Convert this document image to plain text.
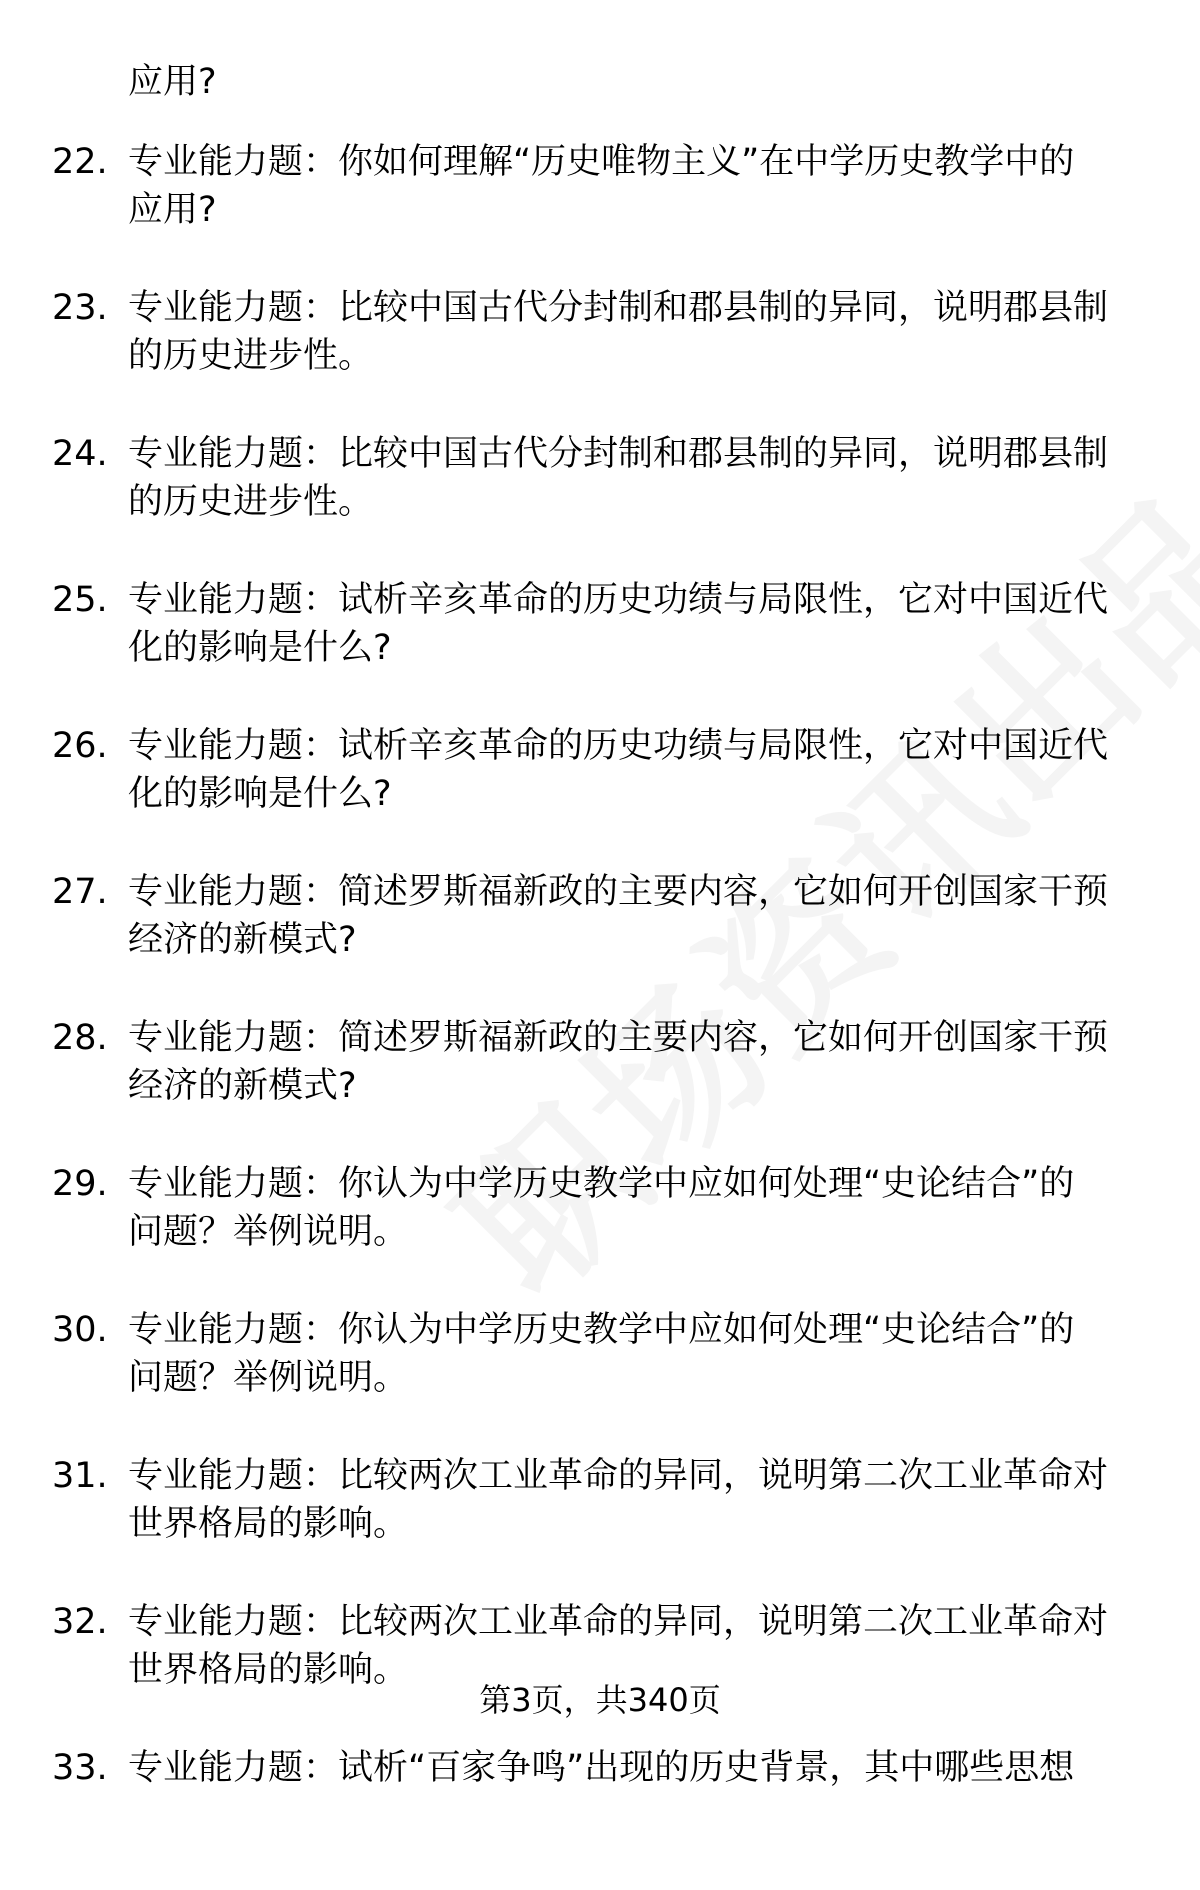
应用?
22. 专业能力题：你如何理解“历史唯物主义”在中学历史教学中的
应用?
23. 专业能力题：比较中国古代分封制和郡县制的异同，说明郡县制
的历史进步性。
24. 专业能力题：比较中国古代分封制和郡县制的异同，说明郡县制
的历史进步性。
25. 专业能力题：试析辛亥革命的历史功绩与局限性，它对中国近代
化的影响是什么?
26. 专业能力题：试析辛亥革命的历史功绩与局限性，它对中国近代
化的影响是什么?
27. 专业能力题：简述罗斯福新政的主要内容，它如何开创国家干预
经济的新模式?
28. 专业能力题：简述罗斯福新政的主要内容，它如何开创国家干预
经济的新模式?
29. 专业能力题：你认为中学历史教学中应如何处理“史论结合”的
问题？举例说明。
30. 专业能力题：你认为中学历史教学中应如何处理“史论结合”的
问题？举例说明。
31. 专业能力题：比较两次工业革命的异同，说明第二次工业革命对
世界格局的影响。
32. 专业能力题：比较两次工业革命的异同，说明第二次工业革命对
世界格局的影响。
33. 专业能力题：试析“百家争鸣”出现的历史背景，其中哪些思想
第3页，共340页
